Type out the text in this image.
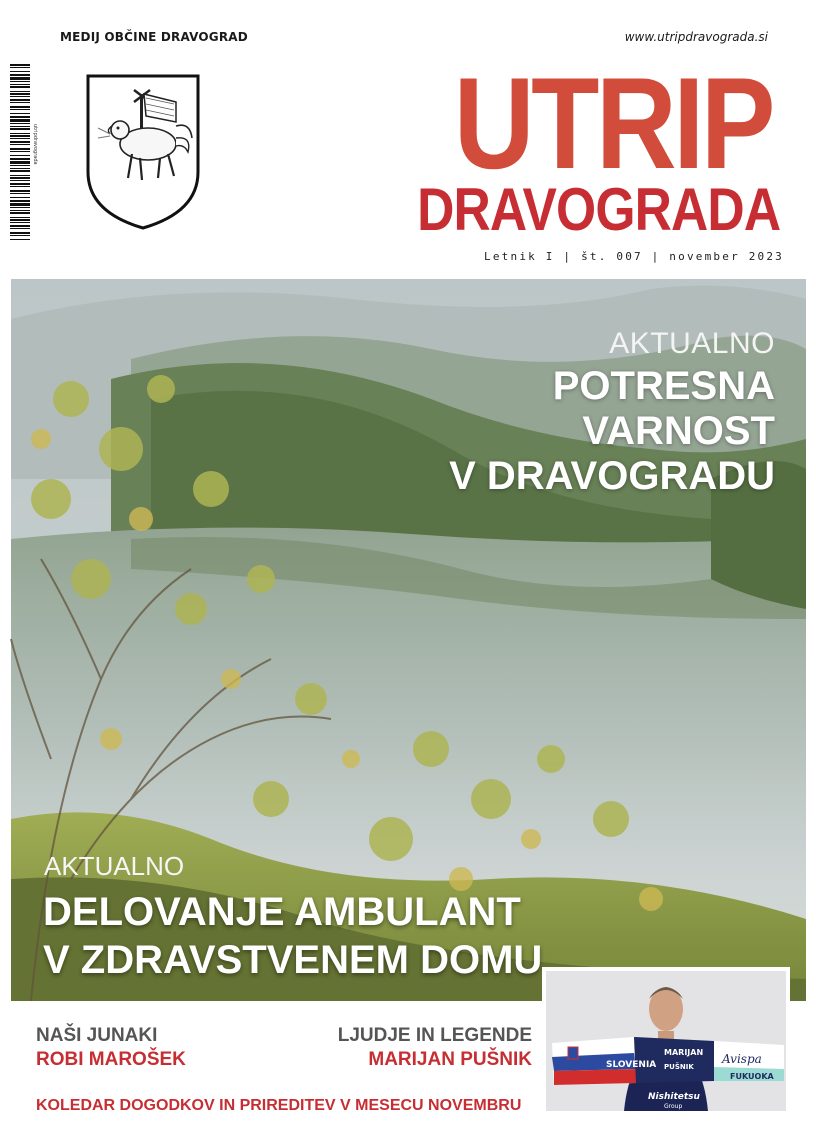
MEDIJ OBČINE DRAVOGRAD	www.utripdravograda.si
utripdravograda	UTRIP
DRAVOGRADA
Letnik I | št. 007 | november 2023
AKTUALNO
POTRESNA
VARNOST
V DRAVOGRADU
AKTUALNO
DELOVANJE AMBULANT
V ZDRAVSTVENEM DOMU
SLOVENIA
MARIJAN
PUŠNIK
Avispa
FUKUOKA
Nishitetsu
Group
NAŠI JUNAKI
ROBI MAROŠEK
LJUDJE IN LEGENDE
MARIJAN PUŠNIK
KOLEDAR DOGODKOV IN PRIREDITEV V MESECU NOVEMBRU
